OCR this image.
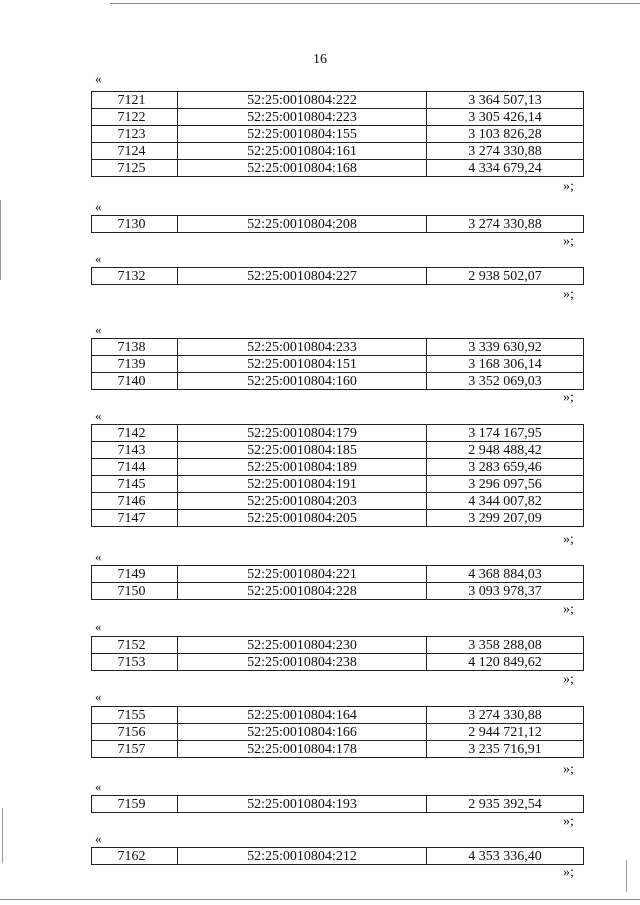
16
«
7121	52:25:0010804:222	3 364 507,13
7122	52:25:0010804:223	3 305 426,14
7123	52:25:0010804:155	3 103 826,28
7124	52:25:0010804:161	3 274 330,88
7125	52:25:0010804:168	4 334 679,24
»;
«
7130	52:25:0010804:208	3 274 330,88
»;
«
7132	52:25:0010804:227	2 938 502,07
»;
«
7138	52:25:0010804:233	3 339 630,92
7139	52:25:0010804:151	3 168 306,14
7140	52:25:0010804:160	3 352 069,03
»;
«
7142	52:25:0010804:179	3 174 167,95
7143	52:25:0010804:185	2 948 488,42
7144	52:25:0010804:189	3 283 659,46
7145	52:25:0010804:191	3 296 097,56
7146	52:25:0010804:203	4 344 007,82
7147	52:25:0010804:205	3 299 207,09
»;
«
7149	52:25:0010804:221	4 368 884,03
7150	52:25:0010804:228	3 093 978,37
»;
«
7152	52:25:0010804:230	3 358 288,08
7153	52:25:0010804:238	4 120 849,62
»;
«
7155	52:25:0010804:164	3 274 330,88
7156	52:25:0010804:166	2 944 721,12
7157	52:25:0010804:178	3 235 716,91
»;
«
7159	52:25:0010804:193	2 935 392,54
»;
«
7162	52:25:0010804:212	4 353 336,40
»;
